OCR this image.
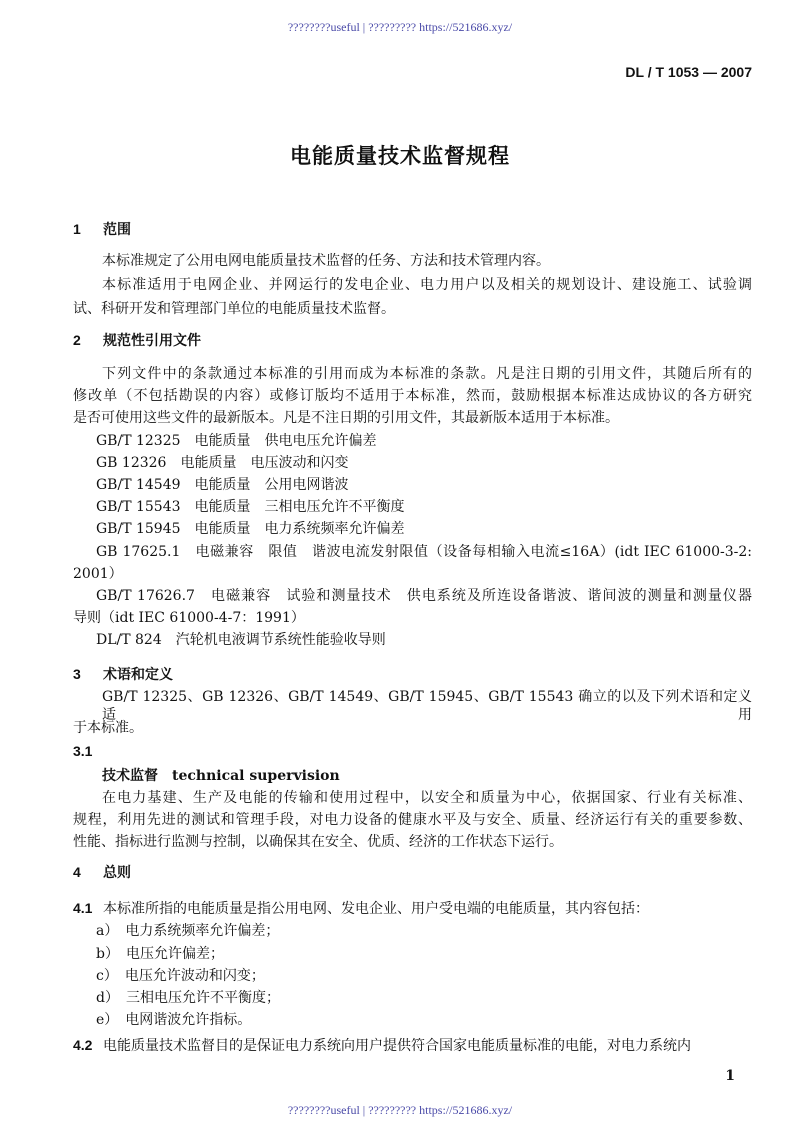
????????useful | ????????? https://521686.xyz/
DL / T 1053 — 2007
电能质量技术监督规程
1 范围
本标准规定了公用电网电能质量技术监督的任务、方法和技术管理内容。
本标准适用于电网企业、并网运行的发电企业、电力用户以及相关的规划设计、建设施工、试验调
试、科研开发和管理部门单位的电能质量技术监督。
2 规范性引用文件
下列文件中的条款通过本标准的引用而成为本标准的条款。凡是注日期的引用文件，其随后所有的
修改单（不包括勘误的内容）或修订版均不适用于本标准，然而，鼓励根据本标准达成协议的各方研究
是否可使用这些文件的最新版本。凡是不注日期的引用文件，其最新版本适用于本标准。
GB/T 12325　电能质量　供电电压允许偏差
GB 12326　电能质量　电压波动和闪变
GB/T 14549　电能质量　公用电网谐波
GB/T 15543　电能质量　三相电压允许不平衡度
GB/T 15945　电能质量　电力系统频率允许偏差
GB 17625.1　电磁兼容　限值　谐波电流发射限值（设备每相输入电流≤16A）(idt IEC 61000-3-2:
2001）
GB/T 17626.7　电磁兼容　试验和测量技术　供电系统及所连设备谐波、谐间波的测量和测量仪器
导则（idt IEC 61000-4-7：1991）
DL/T 824　汽轮机电液调节系统性能验收导则
3 术语和定义
GB/T 12325、GB 12326、GB/T 14549、GB/T 15945、GB/T 15543 确立的以及下列术语和定义适用
于本标准。
3.1
技术监督　technical supervision
在电力基建、生产及电能的传输和使用过程中，以安全和质量为中心，依据国家、行业有关标准、
规程，利用先进的测试和管理手段，对电力设备的健康水平及与安全、质量、经济运行有关的重要参数、
性能、指标进行监测与控制，以确保其在安全、优质、经济的工作状态下运行。
4 总则
4.1 本标准所指的电能质量是指公用电网、发电企业、用户受电端的电能质量，其内容包括：
a）　电力系统频率允许偏差；
b）　电压允许偏差；
c）　电压允许波动和闪变；
d）　三相电压允许不平衡度；
e）　电网谐波允许指标。
4.2 电能质量技术监督目的是保证电力系统向用户提供符合国家电能质量标准的电能，对电力系统内
1
????????useful | ????????? https://521686.xyz/
